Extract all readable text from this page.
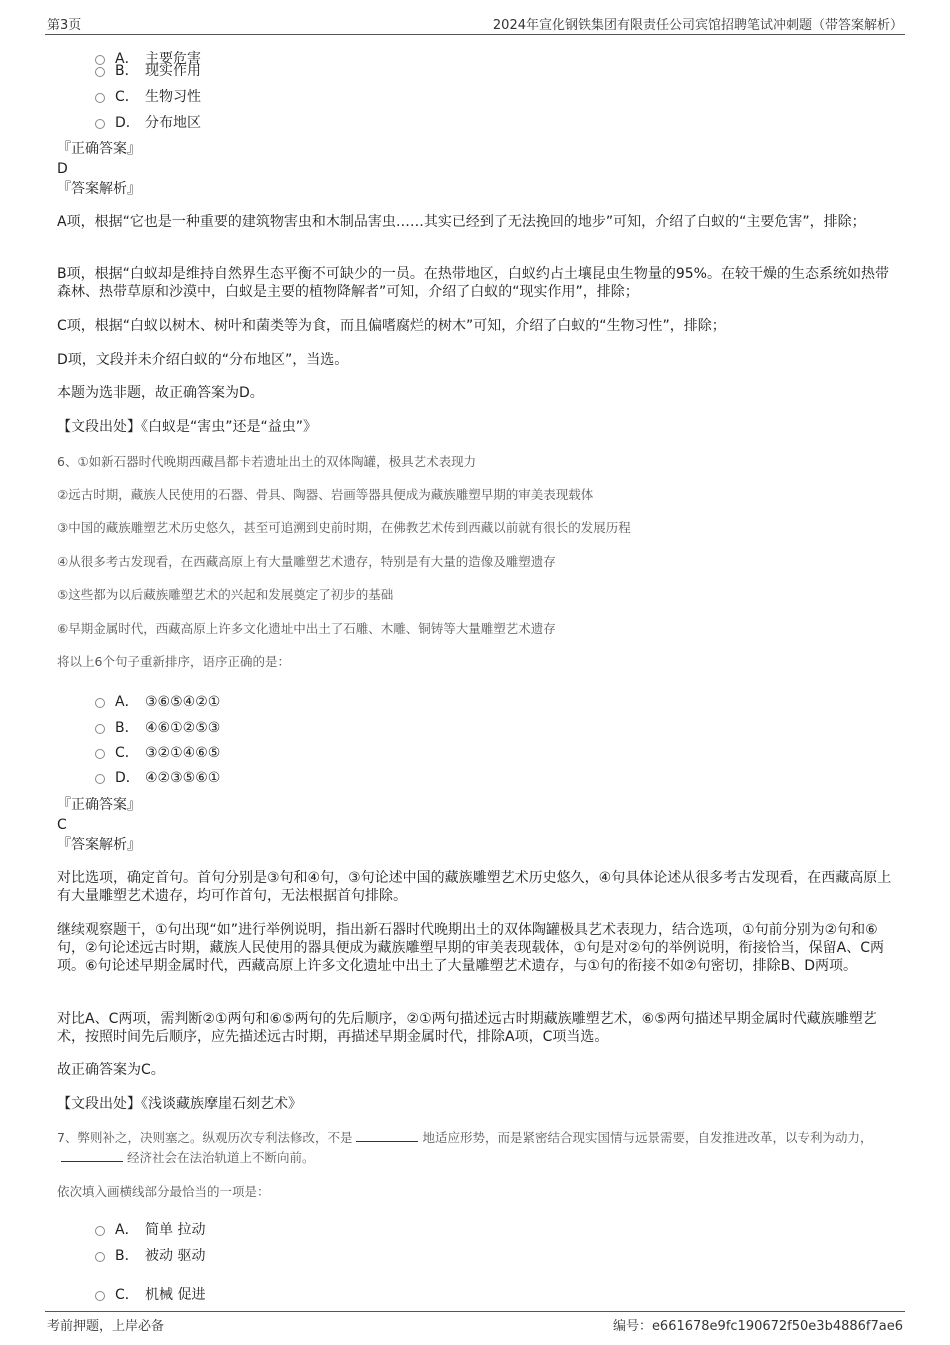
第3页	2024年宣化钢铁集团有限责任公司宾馆招聘笔试冲刺题（带答案解析）
A． 主要危害
B． 现实作用
C． 生物习性
D． 分布地区
『正确答案』
D
『答案解析』
A项，根据“它也是一种重要的建筑物害虫和木制品害虫……其实已经到了无法挽回的地步”可知，介绍了白蚁的“主要危害”，排除；
B项，根据“白蚁却是维持自然界生态平衡不可缺少的一员。在热带地区，白蚁约占土壤昆虫生物量的95%。在较干燥的生态系统如热带森林、热带草原和沙漠中，白蚁是主要的植物降解者”可知，介绍了白蚁的“现实作用”，排除；
C项，根据“白蚁以树木、树叶和菌类等为食，而且偏嗜腐烂的树木”可知，介绍了白蚁的“生物习性”，排除；
D项，文段并未介绍白蚁的“分布地区”，当选。
本题为选非题，故正确答案为D。
【文段出处】《白蚁是“害虫”还是“益虫”》
6、①如新石器时代晚期西藏昌都卡若遗址出土的双体陶罐，极具艺术表现力
②远古时期，藏族人民使用的石器、骨具、陶器、岩画等器具便成为藏族雕塑早期的审美表现载体
③中国的藏族雕塑艺术历史悠久，甚至可追溯到史前时期，在佛教艺术传到西藏以前就有很长的发展历程
④从很多考古发现看，在西藏高原上有大量雕塑艺术遗存，特别是有大量的造像及雕塑遗存
⑤这些都为以后藏族雕塑艺术的兴起和发展奠定了初步的基础
⑥早期金属时代，西藏高原上许多文化遗址中出土了石雕、木雕、铜铸等大量雕塑艺术遗存
将以上6个句子重新排序，语序正确的是：
A． ③⑥⑤④②①
B． ④⑥①②⑤③
C． ③②①④⑥⑤
D． ④②③⑤⑥①
『正确答案』
C
『答案解析』
对比选项，确定首句。首句分别是③句和④句，③句论述中国的藏族雕塑艺术历史悠久，④句具体论述从很多考古发现看，在西藏高原上有大量雕塑艺术遗存，均可作首句，无法根据首句排除。
继续观察题干，①句出现“如”进行举例说明，指出新石器时代晚期出土的双体陶罐极具艺术表现力，结合选项，①句前分别为②句和⑥句，②句论述远古时期，藏族人民使用的器具便成为藏族雕塑早期的审美表现载体，①句是对②句的举例说明，衔接恰当，保留A、C两项。⑥句论述早期金属时代，西藏高原上许多文化遗址中出土了大量雕塑艺术遗存，与①句的衔接不如②句密切，排除B、D两项。
对比A、C两项，需判断②①两句和⑥⑤两句的先后顺序，②①两句描述远古时期藏族雕塑艺术，⑥⑤两句描述早期金属时代藏族雕塑艺术，按照时间先后顺序，应先描述远古时期，再描述早期金属时代，排除A项，C项当选。
故正确答案为C。
【文段出处】《浅谈藏族摩崖石刻艺术》
7、弊则补之，决则塞之。纵观历次专利法修改，不是	地适应形势，而是紧密结合现实国情与远景需要，自发推进改革，以专利为动力，经济社会在法治轨道上不断向前。
依次填入画横线部分最恰当的一项是：
A． 简单 拉动
B． 被动 驱动
C． 机械 促进
考前押题，上岸必备	编号：e661678e9fc190672f50e3b4886f7ae6
